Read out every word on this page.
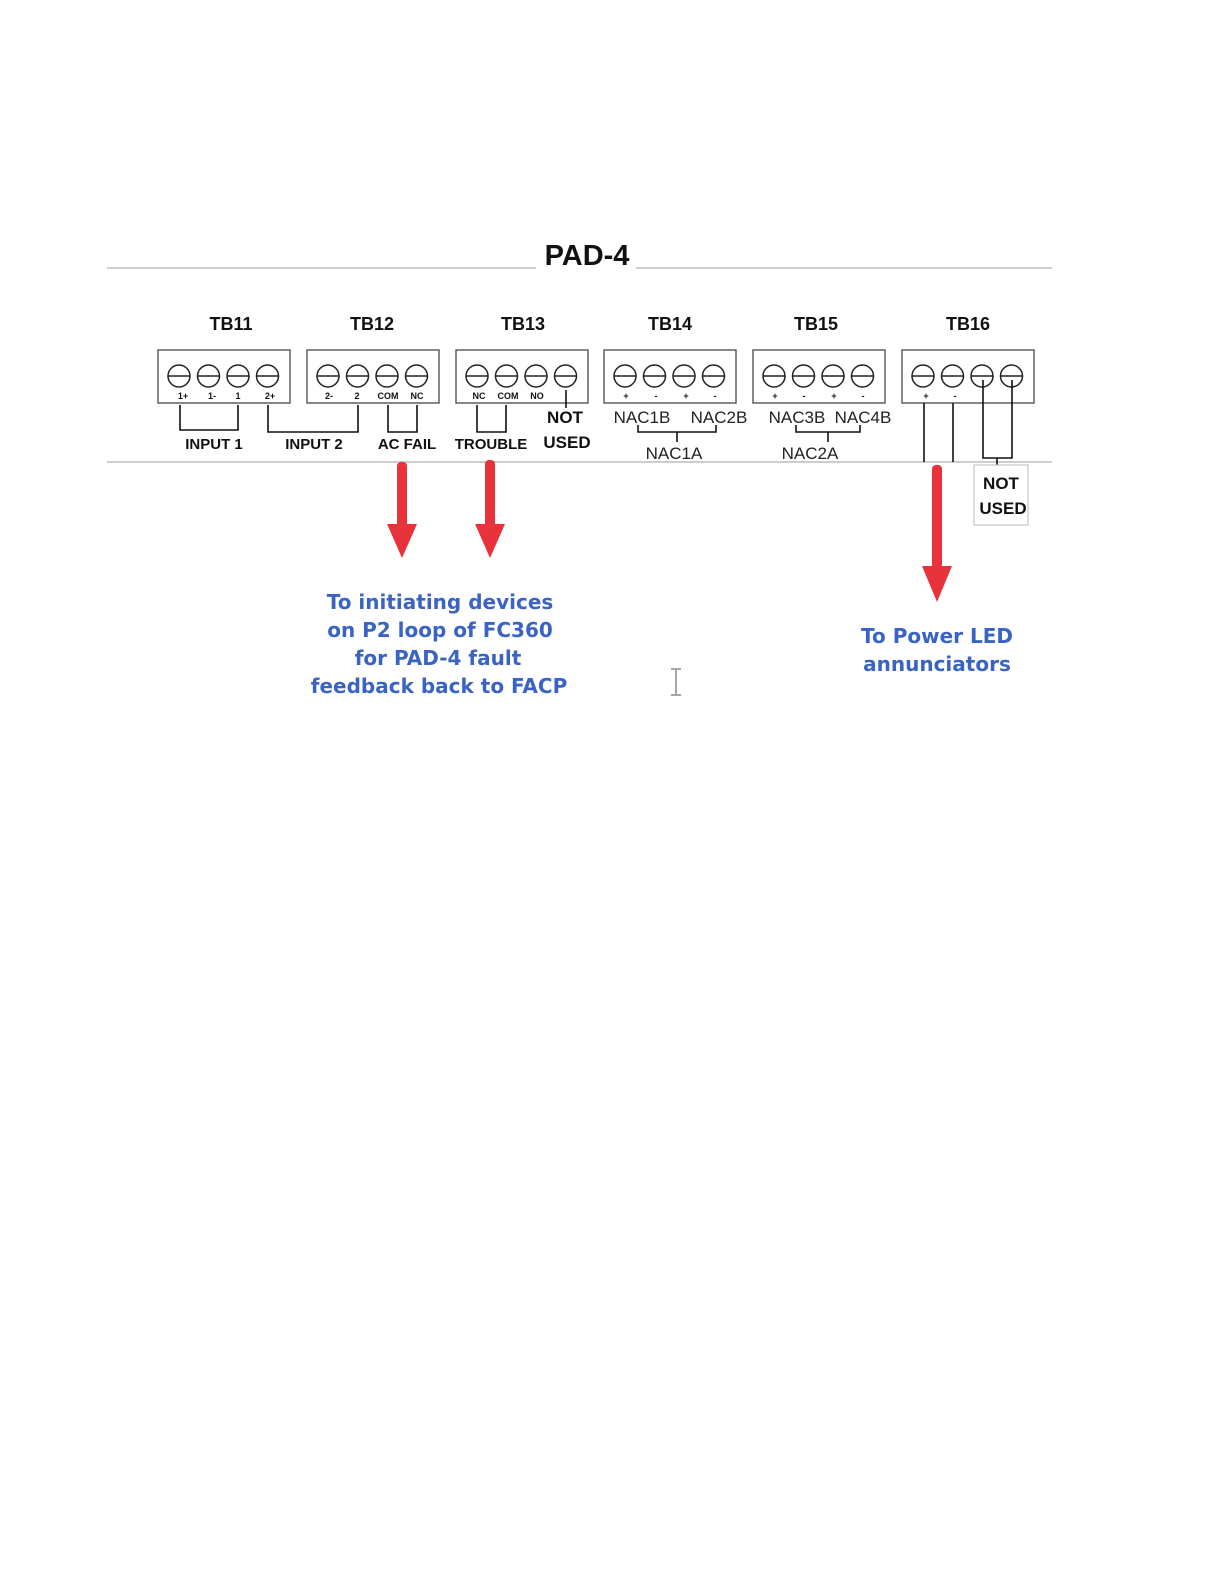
PAD-4
TB11	TB12	TB13	TB14	TB15	TB16
1+ 1- 1	2+	2- 2 COM NC	NC COM NO	+	-	+	-	+	-	+	-	+	-
INPUT 1	INPUT 2 AC FAIL TROUBLE
NOT
USED
NAC1B NAC2B
NAC1A
NAC3B NAC4B
NAC2A
NOT
USED
To initiating devices
on P2 loop of FC360
for PAD-4 fault
feedback back to FACP
To Power LED
annunciators
